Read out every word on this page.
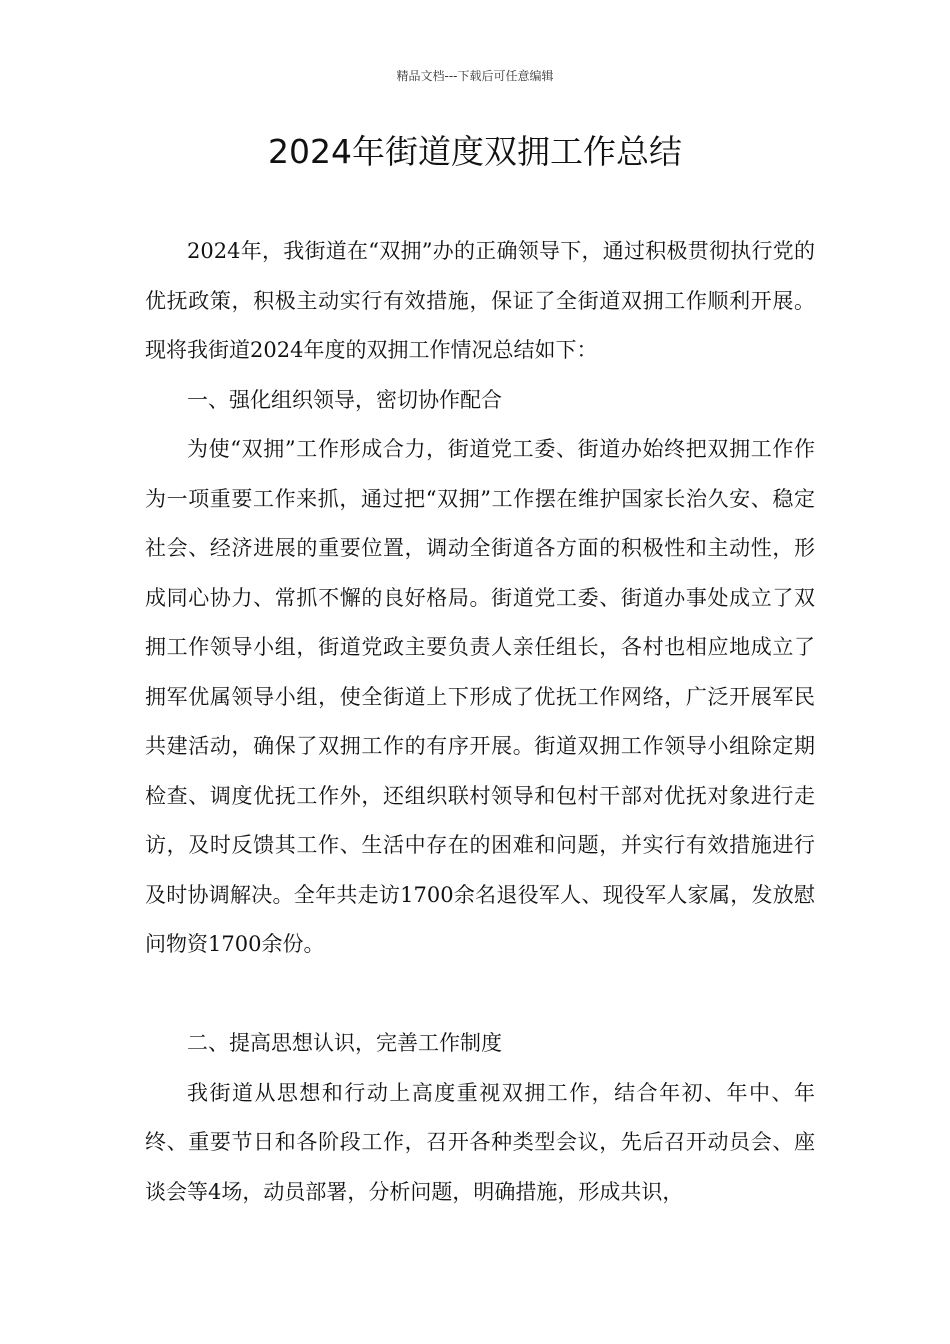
精品文档---下载后可任意编辑
2024年街道度双拥工作总结

2024年，我街道在“双拥”办的正确领导下，通过积极贯彻执行党的优抚政策，积极主动实行有效措施，保证了全街道双拥工作顺利开展。现将我街道2024年度的双拥工作情况总结如下：

一、强化组织领导，密切协作配合

为使“双拥”工作形成合力，街道党工委、街道办始终把双拥工作作为一项重要工作来抓，通过把“双拥”工作摆在维护国家长治久安、稳定社会、经济进展的重要位置，调动全街道各方面的积极性和主动性，形成同心协力、常抓不懈的良好格局。街道党工委、街道办事处成立了双拥工作领导小组，街道党政主要负责人亲任组长，各村也相应地成立了拥军优属领导小组，使全街道上下形成了优抚工作网络，广泛开展军民共建活动，确保了双拥工作的有序开展。街道双拥工作领导小组除定期检查、调度优抚工作外，还组织联村领导和包村干部对优抚对象进行走访，及时反馈其工作、生活中存在的困难和问题，并实行有效措施进行及时协调解决。全年共走访1700余名退役军人、现役军人家属，发放慰问物资1700余份。

二、提高思想认识，完善工作制度

我街道从思想和行动上高度重视双拥工作，结合年初、年中、年终、重要节日和各阶段工作，召开各种类型会议，先后召开动员会、座谈会等4场，动员部署，分析问题，明确措施，形成共识，
